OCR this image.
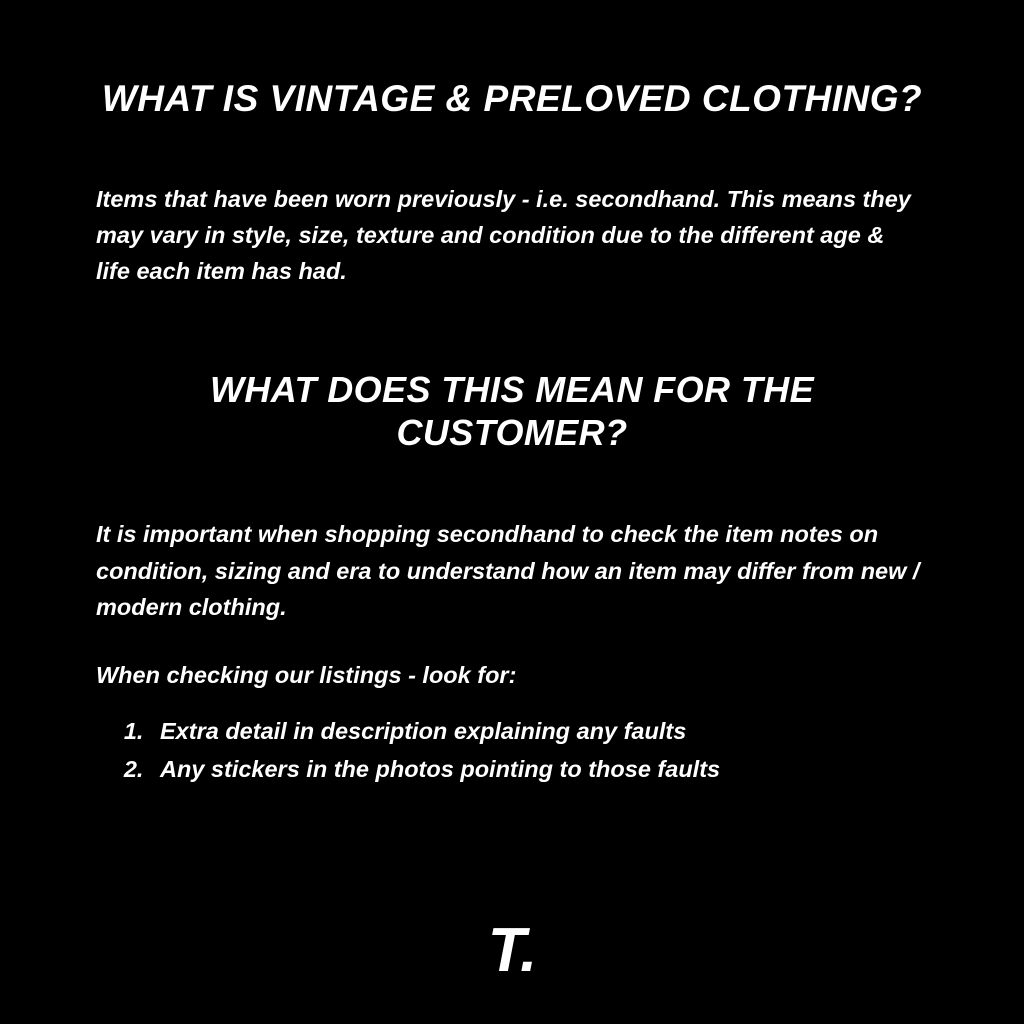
WHAT IS VINTAGE & PRELOVED CLOTHING?

Items that have been worn previously - i.e. secondhand. This means they may vary in style, size, texture and condition due to the different age & life each item has had.

WHAT DOES THIS MEAN FOR THE CUSTOMER?

It is important when shopping secondhand to check the item notes on condition, sizing and era to understand how an item may differ from new / modern clothing.

When checking our listings - look for:

1. Extra detail in description explaining any faults
2. Any stickers in the photos pointing to those faults
T.
